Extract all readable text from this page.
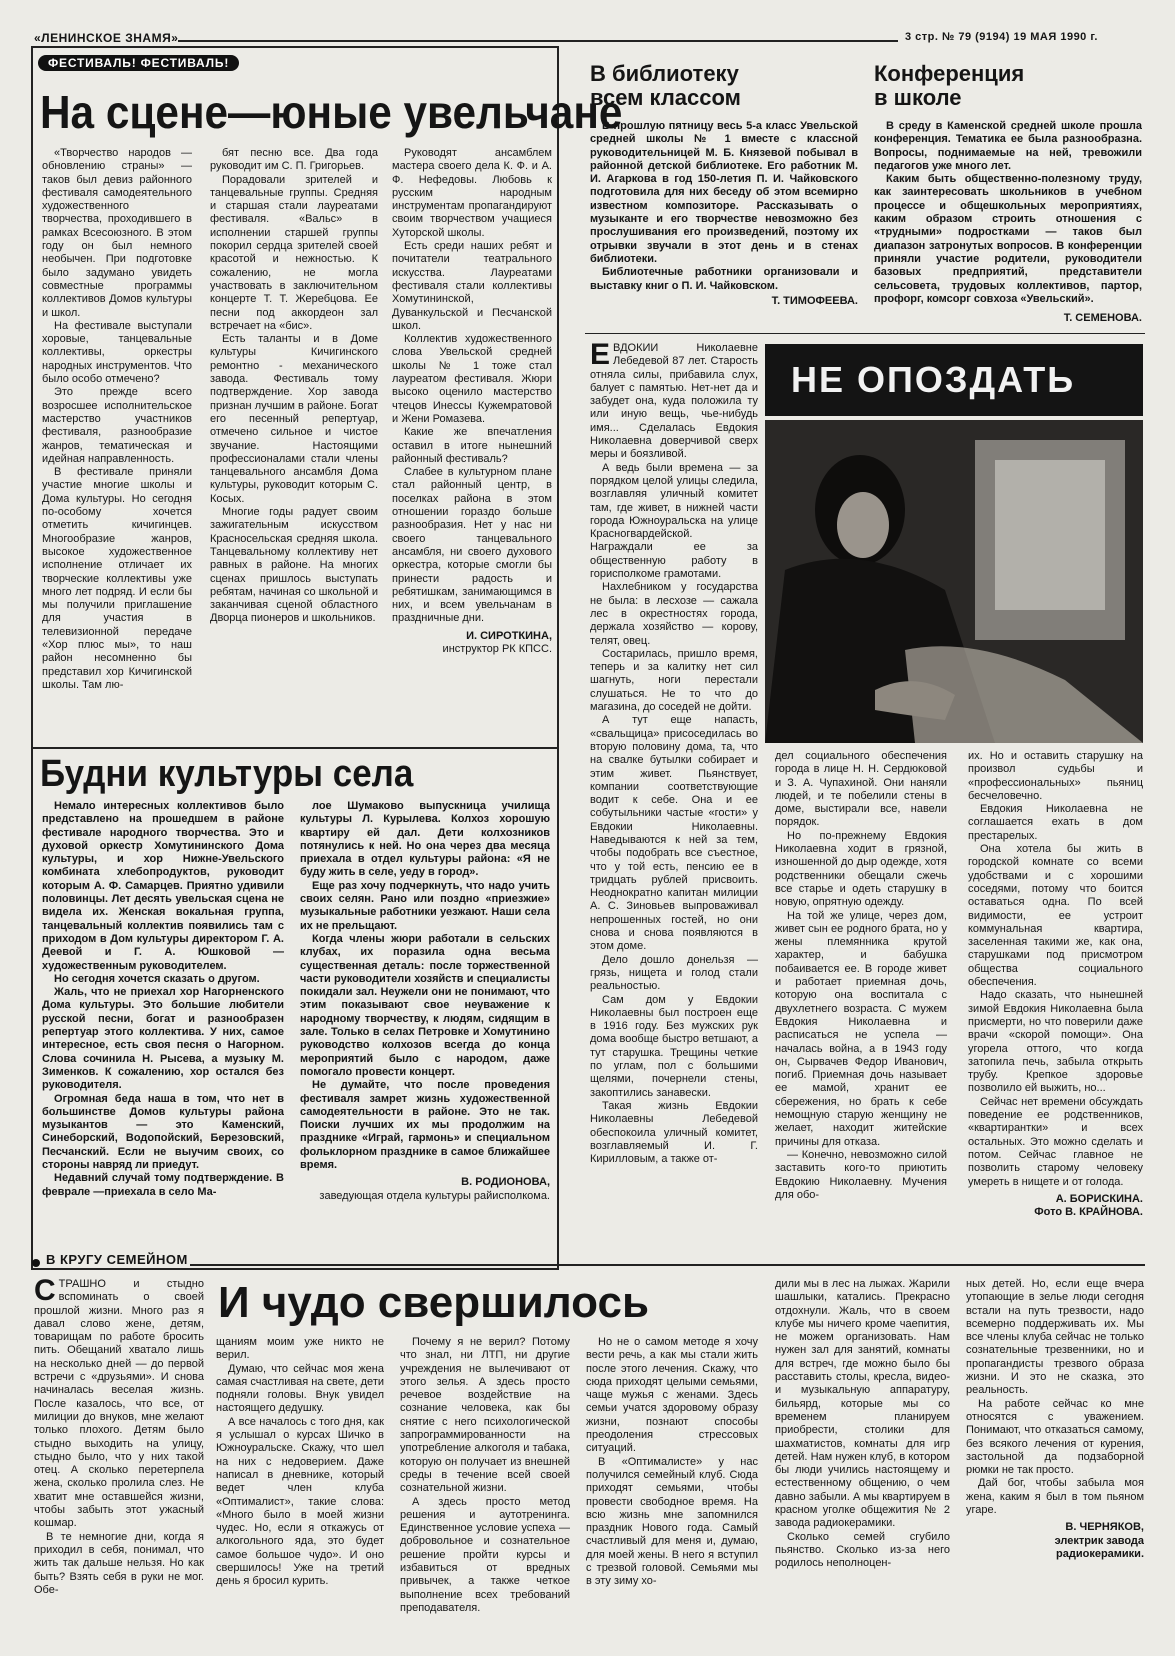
«ЛЕНИНСКОЕ ЗНАМЯ»	3 стр. № 79 (9194) 19 МАЯ 1990 г.
ФЕСТИВАЛЬ! ФЕСТИВАЛЬ!
На сцене—юные увельчане

«Творчество народов — обновлению страны» — таков был девиз районного фестиваля самодеятельного художественного творчества, проходившего в рамках Всесоюзного. В этом году он был немного необычен. При подготовке было задумано увидеть совместные программы коллективов Домов культуры и школ.

На фестивале выступали хоровые, танцевальные коллективы, оркестры народных инструментов. Что было особо отмечено?

Это прежде всего возросшее исполнительское мастерство участников фестиваля, разнообразие жанров, тематическая и идейная направленность.

В фестивале приняли участие многие школы и Дома культуры. Но сегодня по-особому хочется отметить кичигинцев. Многообразие жанров, высокое художественное исполнение отличает их творческие коллективы уже много лет подряд. И если бы мы получили приглашение для участия в телевизионной передаче «Хор плюс мы», то наш район несомненно бы представил хор Кичигинской школы. Там лю-

бят песню все. Два года руководит им С. П. Григорьев.

Порадовали зрителей и танцевальные группы. Средняя и старшая стали лауреатами фестиваля. «Вальс» в исполнении старшей группы покорил сердца зрителей своей красотой и нежностью. К сожалению, не могла участвовать в заключительном концерте Т. Т. Жеребцова. Ее песни под аккордеон зал встречает на «бис».

Есть таланты и в Доме культуры Кичигинского ремонтно - механического завода. Фестиваль тому подтверждение. Хор завода признан лучшим в районе. Богат его песенный репертуар, отмечено сильное и чистое звучание. Настоящими профессионалами стали члены танцевального ансамбля Дома культуры, руководит которым С. Косых.

Многие годы радует своим зажигательным искусством Красносельская средняя школа. Танцевальному коллективу нет равных в районе. На многих сценах пришлось выступать ребятам, начиная со школьной и заканчивая сценой областного Дворца пионеров и школьников.

Руководят ансамблем мастера своего дела К. Ф. и А. Ф. Нефедовы. Любовь к русским народным инструментам пропагандируют своим творчеством учащиеся Хуторской школы.

Есть среди наших ребят и почитатели театрального искусства. Лауреатами фестиваля стали коллективы Хомутининской, Дуванкульской и Песчанской школ.

Коллектив художественного слова Увельской средней школы № 1 тоже стал лауреатом фестиваля. Жюри высоко оценило мастерство чтецов Инессы Кужемратовой и Жени Ромазева.

Какие же впечатления оставил в итоге нынешний районный фестиваль?

Слабее в культурном плане стал районный центр, в поселках района в этом отношении гораздо больше разнообразия. Нет у нас ни своего танцевального ансамбля, ни своего духового оркестра, которые смогли бы принести радость и ребятишкам, занимающимся в них, и всем увельчанам в праздничные дни.

И. СИРОТКИНА,
инструктор РК КПСС.
Будни культуры села

Немало интересных коллективов было представлено на прошедшем в районе фестивале народного творчества. Это и духовой оркестр Хомутининского Дома культуры, и хор Нижне-Увельского комбината хлебопродуктов, руководит которым А. Ф. Самарцев. Приятно удивили половинцы. Лет десять увельская сцена не видела их. Женская вокальная группа, танцевальный коллектив появились там с приходом в Дом культуры директором Г. А. Деевой и Г. А. Юшковой — художественным руководителем.

Но сегодня хочется сказать о другом.

Жаль, что не приехал хор Нагорненского Дома культуры. Это большие любители русской песни, богат и разнообразен репертуар этого коллектива. У них, самое интересное, есть своя песня о Нагорном. Слова сочинила Н. Рысева, а музыку М. Зименков. К сожалению, хор остался без руководителя.

Огромная беда наша в том, что нет в большинстве Домов культуры района музыкантов — это Каменский, Синеборский, Водопойский, Березовский, Песчанский. Если не выучим своих, со стороны навряд ли приедут.

Недавний случай тому подтверждение. В феврале —приехала в село Ма-

лое Шумаково выпускница училища культуры Л. Курылева. Колхоз хорошую квартиру ей дал. Дети колхозников потянулись к ней. Но она через два месяца приехала в отдел культуры района: «Я не буду жить в селе, уеду в город».

Еще раз хочу подчеркнуть, что надо учить своих селян. Рано или поздно «приезжие» музыкальные работники уезжают. Наши села их не прельщают.

Когда члены жюри работали в сельских клубах, их поразила одна весьма существенная деталь: после торжественной части руководители хозяйств и специалисты покидали зал. Неужели они не понимают, что этим показывают свое неуважение к народному творчеству, к людям, сидящим в зале. Только в селах Петровке и Хомутинино руководство колхозов всегда до конца мероприятий было с народом, даже помогало провести концерт.

Не думайте, что после проведения фестиваля замрет жизнь художественной самодеятельности в районе. Это не так. Поиски лучших их мы продолжим на празднике «Играй, гармонь» и специальном фольклорном празднике в самое ближайшее время.

В. РОДИОНОВА,
заведующая отдела культуры райисполкома.
В библиотеку
всем классом

В прошлую пятницу весь 5-а класс Увельской средней школы № 1 вместе с классной руководительницей М. Б. Князевой побывал в районной детской библиотеке. Его работник М. И. Агаркова в год 150-летия П. И. Чайковского подготовила для них беседу об этом всемирно известном композиторе. Рассказывать о музыканте и его творчестве невозможно без прослушивания его произведений, поэтому их отрывки звучали в этот день и в стенах библиотеки.

Библиотечные работники организовали и выставку книг о П. И. Чайковском.

Т. ТИМОФЕЕВА.
Конференция
в школе

В среду в Каменской средней школе прошла конференция. Тематика ее была разнообразна. Вопросы, поднимаемые на ней, тревожили педагогов уже много лет.

Каким быть общественно-полезному труду, как заинтересовать школьников в учебном процессе и общешкольных мероприятиях, каким образом строить отношения с «трудными» подростками — таков был диапазон затронутых вопросов. В конференции приняли участие родители, руководители базовых предприятий, представители сельсовета, трудовых коллективов, партор, профорг, комсорг совхоза «Увельский».

Т. СЕМЕНОВА.
НЕ ОПОЗДАТЬ
Е ВДОКИИ Николаевне Лебедевой 87 лет. Старость отняла силы, прибавила слух, балует с памятью. Нет-нет да и забудет она, куда положила ту или иную вещь, чье-нибудь имя... Сделалась Евдокия Николаевна доверчивой сверх меры и боязливой.

А ведь были времена — за порядком целой улицы следила, возглавляя уличный комитет там, где живет, в нижней части города Южноуральска на улице Красногвардейской. Награждали ее за общественную работу в горисполкоме грамотами.

Нахлебником у государства не была: в лесхозе — сажала лес в окрестностях города, держала хозяйство — корову, телят, овец.

Состарилась, пришло время, теперь и за калитку нет сил шагнуть, ноги перестали слушаться. Не то что до магазина, до соседей не дойти.

А тут еще напасть, «свальщица» присоседилась во вторую половину дома, та, что на свалке бутылки собирает и этим живет. Пьянствует, компании соответствующие водит к себе. Она и ее собутыльники частые «гости» у Евдокии Николаевны. Наведываются к ней за тем, чтобы подобрать все съестное, что у той есть, пенсию ее в тридцать рублей присвоить. Неоднократно капитан милиции А. С. Зиновьев выпроваживал непрошенных гостей, но они снова и снова появляются в этом доме.

Дело дошло донельзя — грязь, нищета и голод стали реальностью.

Сам дом у Евдокии Николаевны был построен еще в 1916 году. Без мужских рук дома вообще быстро ветшают, а тут старушка. Трещины четкие по углам, пол с большими щелями, почернели стены, закоптились занавески.

Такая жизнь Евдокии Николаевны Лебедевой обеспокоила уличный комитет, возглавляемый И. Г. Кирилловым, а также от-

дел социального обеспечения города в лице Н. Н. Сердюковой и З. А. Чупахиной. Они наняли людей, и те побелили стены в доме, выстирали все, навели порядок.

Но по-прежнему Евдокия Николаевна ходит в грязной, изношенной до дыр одежде, хотя родственники обещали сжечь все старье и одеть старушку в новую, опрятную одежду.

На той же улице, через дом, живет сын ее родного брата, но у жены племянника крутой характер, и бабушка побаивается ее. В городе живет и работает приемная дочь, которую она воспитала с двухлетнего возраста. С мужем Евдокия Николаевна и расписаться не успела — началась война, а в 1943 году он, Сырвачев Федор Иванович, погиб. Приемная дочь называет ее мамой, хранит ее сбережения, но брать к себе немощную старую женщину не желает, находит житейские причины для отказа.

— Конечно, невозможно силой заставить кого-то приютить Евдокию Николаевну. Мучения для обо-

их. Но и оставить старушку на произвол судьбы и «профессиональных» пьяниц бесчеловечно.

Евдокия Николаевна не соглашается ехать в дом престарелых.

Она хотела бы жить в городской комнате со всеми удобствами и с хорошими соседями, потому что боится оставаться одна. По всей видимости, ее устроит коммунальная квартира, заселенная такими же, как она, старушками под присмотром общества социального обеспечения.

Надо сказать, что нынешней зимой Евдокия Николаевна была присмерти, но что поверили даже врачи «скорой помощи». Она угорела оттого, что когда затопила печь, забыла открыть трубу. Крепкое здоровье позволило ей выжить, но...

Сейчас нет времени обсуждать поведение ее родственников, «квартирантки» и всех остальных. Это можно сделать и потом. Сейчас главное не позволить старому человеку умереть в нищете и от голода.

А. БОРИСКИНА.
Фото В. КРАЙНОВА.
В КРУГУ СЕМЕЙНОМ
И чудо свершилось
С ТРАШНО и стыдно вспоминать о своей прошлой жизни. Много раз я давал слово жене, детям, товарищам по работе бросить пить. Обещаний хватало лишь на несколько дней — до первой встречи с «друзьями». И снова начиналась веселая жизнь. После казалось, что все, от милиции до внуков, мне желают только плохого. Детям было стыдно выходить на улицу, стыдно было, что у них такой отец. А сколько перетерпела жена, сколько пролила слез. Не хватит мне оставшейся жизни, чтобы забыть этот ужасный кошмар.

В те немногие дни, когда я приходил в себя, понимал, что жить так дальше нельзя. Но как быть? Взять себя в руки не мог. Обе-

щаниям моим уже никто не верил.

Думаю, что сейчас моя жена самая счастливая на свете, дети подняли головы. Внук увидел настоящего дедушку.

А все началось с того дня, как я услышал о курсах Шичко в Южноуральске. Скажу, что шел на них с недоверием. Даже написал в дневнике, который ведет член клуба «Оптималист», такие слова: «Много было в моей жизни чудес. Но, если я откажусь от алкогольного яда, это будет самое большое чудо». И оно свершилось! Уже на третий день я бросил курить.

Почему я не верил? Потому что знал, ни ЛТП, ни другие учреждения не вылечивают от этого зелья. А здесь просто речевое воздействие на сознание человека, как бы снятие с него психологической запрограммированности на употребление алкоголя и табака, которую он получает из внешней среды в течение всей своей сознательной жизни.

А здесь просто метод решения и аутотренинга. Единственное условие успеха — добровольное и сознательное решение пройти курсы и избавиться от вредных привычек, а также четкое выполнение всех требований преподавателя.

Но не о самом методе я хочу вести речь, а как мы стали жить после этого лечения. Скажу, что сюда приходят целыми семьями, чаще мужья с женами. Здесь семьи учатся здоровому образу жизни, познают способы преодоления стрессовых ситуаций.

В «Оптималисте» у нас получился семейный клуб. Сюда приходят семьями, чтобы провести свободное время. На всю жизнь мне запомнился праздник Нового года. Самый счастливый для меня и, думаю, для моей жены. В него я вступил с трезвой головой. Семьями мы в эту зиму хо-

дили мы в лес на лыжах. Жарили шашлыки, катались. Прекрасно отдохнули. Жаль, что в своем клубе мы ничего кроме чаепития, не можем организовать. Нам нужен зал для занятий, комнаты для встреч, где можно было бы расставить столы, кресла, видео- и музыкальную аппаратуру, бильярд, которые мы со временем планируем приобрести, столики для шахматистов, комнаты для игр детей. Нам нужен клуб, в котором бы люди учились настоящему и естественному общению, о чем давно забыли. А мы квартируем в красном уголке общежития № 2 завода радиокерамики.

Сколько семей сгубило пьянство. Сколько из-за него родилось неполноцен-

ных детей. Но, если еще вчера утопающие в зелье люди сегодня встали на путь трезвости, надо всемерно поддерживать их. Мы все члены клуба сейчас не только сознательные трезвенники, но и пропагандисты трезвого образа жизни. И это не сказка, это реальность.

На работе сейчас ко мне относятся с уважением. Понимают, что отказаться самому, без всякого лечения от курения, застольной да подзаборной рюмки не так просто.

Дай бог, чтобы забыла моя жена, каким я был в том пьяном угаре.

В. ЧЕРНЯКОВ,
электрик завода радиокерамики.
